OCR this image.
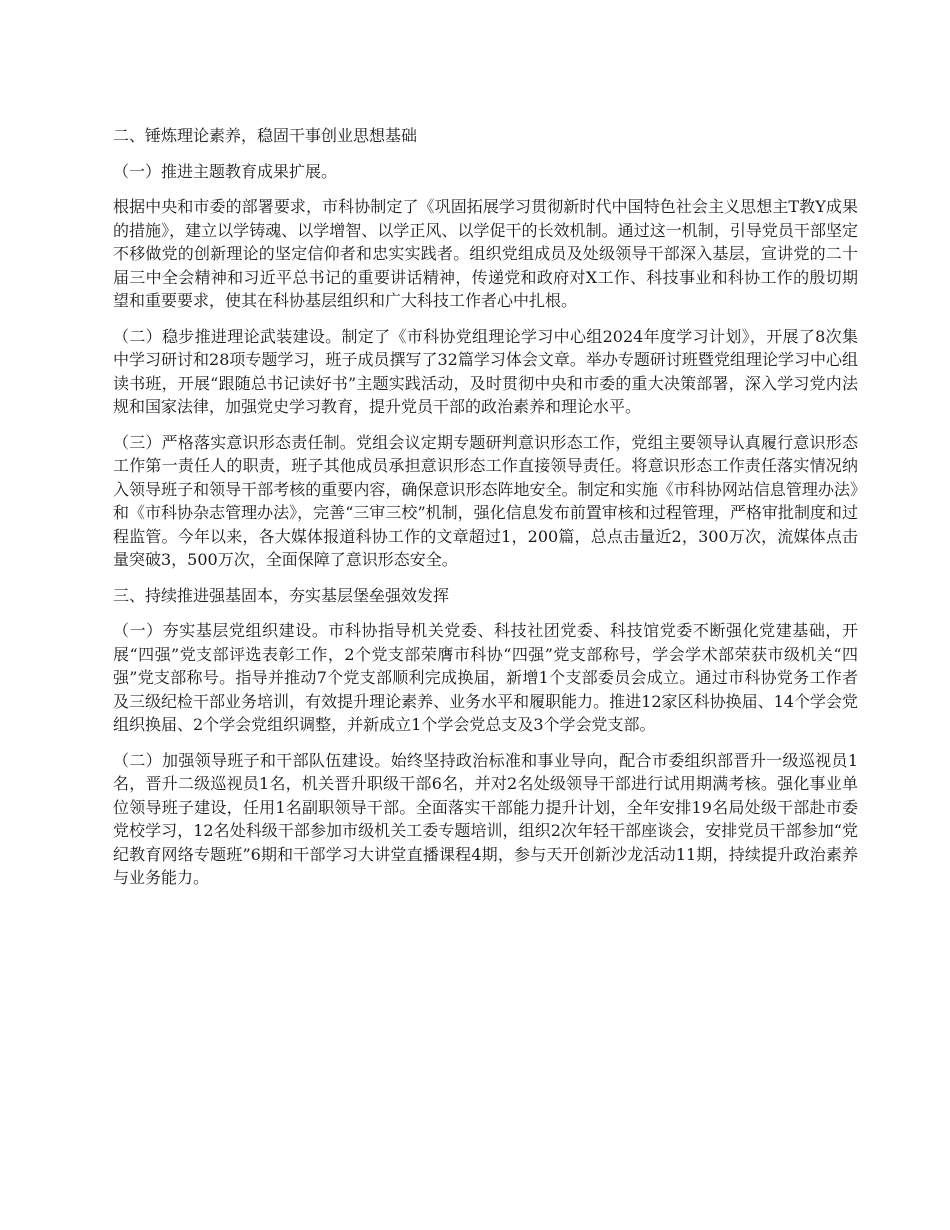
二、锤炼理论素养，稳固干事创业思想基础

（一）推进主题教育成果扩展。

根据中央和市委的部署要求，市科协制定了《巩固拓展学习贯彻新时代中国特色社会主义思想主T教Y成果的措施》，建立以学铸魂、以学增智、以学正风、以学促干的长效机制。通过这一机制，引导党员干部坚定不移做党的创新理论的坚定信仰者和忠实实践者。组织党组成员及处级领导干部深入基层，宣讲党的二十届三中全会精神和习近平总书记的重要讲话精神，传递党和政府对X工作、科技事业和科协工作的殷切期望和重要要求，使其在科协基层组织和广大科技工作者心中扎根。

（二）稳步推进理论武装建设。制定了《市科协党组理论学习中心组2024年度学习计划》，开展了8次集中学习研讨和28项专题学习，班子成员撰写了32篇学习体会文章。举办专题研讨班暨党组理论学习中心组读书班，开展“跟随总书记读好书”主题实践活动，及时贯彻中央和市委的重大决策部署，深入学习党内法规和国家法律，加强党史学习教育，提升党员干部的政治素养和理论水平。

（三）严格落实意识形态责任制。党组会议定期专题研判意识形态工作，党组主要领导认真履行意识形态工作第一责任人的职责，班子其他成员承担意识形态工作直接领导责任。将意识形态工作责任落实情况纳入领导班子和领导干部考核的重要内容，确保意识形态阵地安全。制定和实施《市科协网站信息管理办法》和《市科协杂志管理办法》，完善“三审三校”机制，强化信息发布前置审核和过程管理，严格审批制度和过程监管。今年以来，各大媒体报道科协工作的文章超过1，200篇，总点击量近2，300万次，流媒体点击量突破3，500万次，全面保障了意识形态安全。

三、持续推进强基固本，夯实基层堡垒强效发挥

（一）夯实基层党组织建设。市科协指导机关党委、科技社团党委、科技馆党委不断强化党建基础，开展“四强”党支部评选表彰工作，2个党支部荣膺市科协“四强”党支部称号，学会学术部荣获市级机关“四强”党支部称号。指导并推动7个党支部顺利完成换届，新增1个支部委员会成立。通过市科协党务工作者及三级纪检干部业务培训，有效提升理论素养、业务水平和履职能力。推进12家区科协换届、14个学会党组织换届、2个学会党组织调整，并新成立1个学会党总支及3个学会党支部。

（二）加强领导班子和干部队伍建设。始终坚持政治标准和事业导向，配合市委组织部晋升一级巡视员1名，晋升二级巡视员1名，机关晋升职级干部6名，并对2名处级领导干部进行试用期满考核。强化事业单位领导班子建设，任用1名副职领导干部。全面落实干部能力提升计划，全年安排19名局处级干部赴市委党校学习，12名处科级干部参加市级机关工委专题培训，组织2次年轻干部座谈会，安排党员干部参加“党纪教育网络专题班”6期和干部学习大讲堂直播课程4期，参与天开创新沙龙活动11期，持续提升政治素养与业务能力。
